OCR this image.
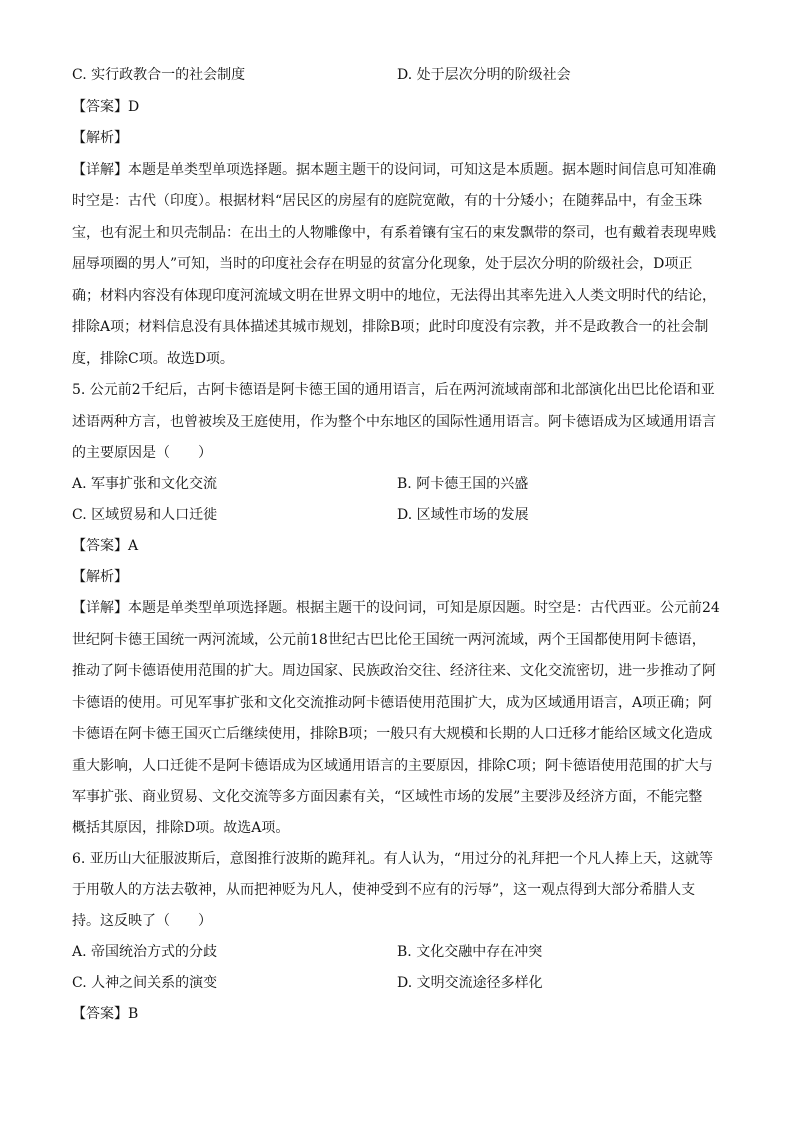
C. 实行政教合一的社会制度	D. 处于层次分明的阶级社会
【答案】D
【解析】
【详解】本题是单类型单项选择题。据本题主题干的设问词，可知这是本质题。据本题时间信息可知准确
时空是：古代（印度）。根据材料“居民区的房屋有的庭院宽敞，有的十分矮小；在随葬品中，有金玉珠
宝，也有泥土和贝壳制品：在出土的人物雕像中，有系着镶有宝石的束发飘带的祭司，也有戴着表现卑贱
屈辱项圈的男人”可知，当时的印度社会存在明显的贫富分化现象，处于层次分明的阶级社会，D项正
确；材料内容没有体现印度河流域文明在世界文明中的地位，无法得出其率先进入人类文明时代的结论，
排除A项；材料信息没有具体描述其城市规划，排除B项；此时印度没有宗教，并不是政教合一的社会制
度，排除C项。故选D项。
5. 公元前2千纪后，古阿卡德语是阿卡德王国的通用语言，后在两河流域南部和北部演化出巴比伦语和亚
述语两种方言，也曾被埃及王庭使用，作为整个中东地区的国际性通用语言。阿卡德语成为区域通用语言
的主要原因是（　　）
A. 军事扩张和文化交流	B. 阿卡德王国的兴盛
C. 区域贸易和人口迁徙	D. 区域性市场的发展
【答案】A
【解析】
【详解】本题是单类型单项选择题。根据主题干的设问词，可知是原因题。时空是：古代西亚。公元前24
世纪阿卡德王国统一两河流域，公元前18世纪古巴比伦王国统一两河流域，两个王国都使用阿卡德语，
推动了阿卡德语使用范围的扩大。周边国家、民族政治交往、经济往来、文化交流密切，进一步推动了阿
卡德语的使用。可见军事扩张和文化交流推动阿卡德语使用范围扩大，成为区域通用语言，A项正确；阿
卡德语在阿卡德王国灭亡后继续使用，排除B项；一般只有大规模和长期的人口迁移才能给区域文化造成
重大影响，人口迁徙不是阿卡德语成为区域通用语言的主要原因，排除C项；阿卡德语使用范围的扩大与
军事扩张、商业贸易、文化交流等多方面因素有关，“区域性市场的发展”主要涉及经济方面，不能完整
概括其原因，排除D项。故选A项。
6. 亚历山大征服波斯后，意图推行波斯的跪拜礼。有人认为，“用过分的礼拜把一个凡人捧上天，这就等
于用敬人的方法去敬神，从而把神贬为凡人，使神受到不应有的污辱”，这一观点得到大部分希腊人支
持。这反映了（　　）
A. 帝国统治方式的分歧	B. 文化交融中存在冲突
C. 人神之间关系的演变	D. 文明交流途径多样化
【答案】B
